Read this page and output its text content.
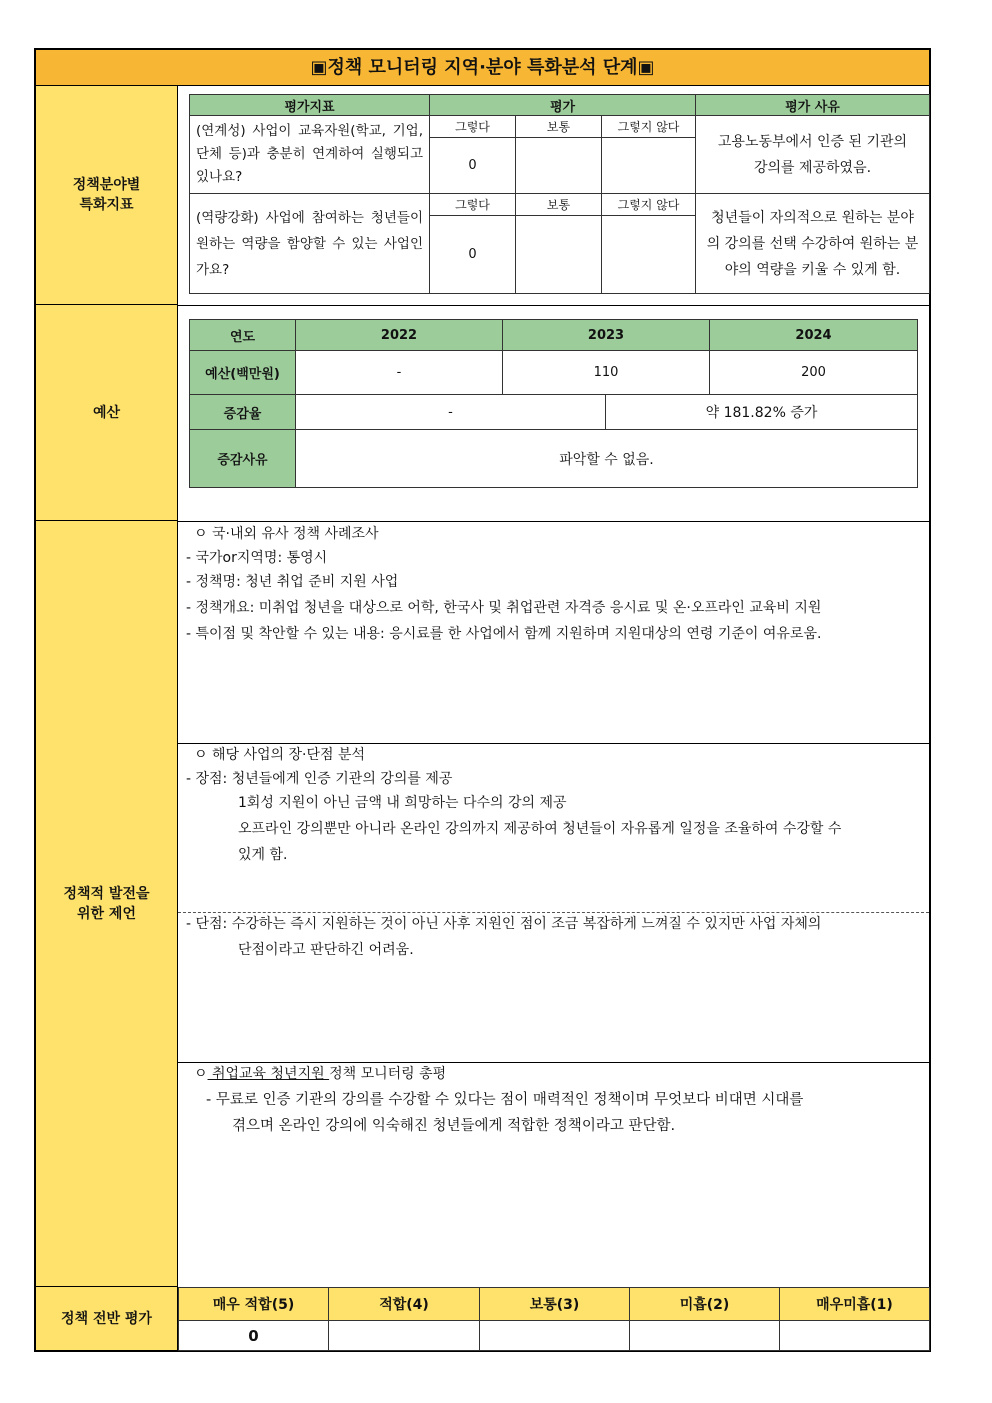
▣정책 모니터링 지역·분야 특화분석 단계▣
정책분야별
특화지표
평가지표	평가			평가 사유
(연계성) 사업이 교육자원(학교, 기업, 단체 등)과 충분히 연계하여 실행되고 있나요?	그렇다	보통	그렇지 않다	고용노동부에서 인증 된 기관의 강의를 제공하였음.
	0			
(역량강화) 사업에 참여하는 청년들이 원하는 역량을 함양할 수 있는 사업인가요?	그렇다	보통	그렇지 않다	청년들이 자의적으로 원하는 분야의 강의를 선택 수강하여 원하는 분야의 역량을 키울 수 있게 함.
	0			
예산
연도	2022	2023		2024
예산(백만원)	-	110		200
증감율	-		약 181.82% 증가	
증감사유	파악할 수 없음.			
정책적 발전을
위한 제언

ㅇ 국·내외 유사 정책 사례조사

- 국가or지역명: 통영시

- 정책명: 청년 취업 준비 지원 사업

- 정책개요: 미취업 청년을 대상으로 어학, 한국사 및 취업관련 자격증 응시료 및 온·오프라인 교육비 지원

- 특이점 및 착안할 수 있는 내용: 응시료를 한 사업에서 함께 지원하며 지원대상의 연령 기준이 여유로움.

ㅇ 해당 사업의 장·단점 분석

- 장점: 청년들에게 인증 기관의 강의를 제공

1회성 지원이 아닌 금액 내 희망하는 다수의 강의 제공

오프라인 강의뿐만 아니라 온라인 강의까지 제공하여 청년들이 자유롭게 일정을 조율하여 수강할 수

있게 함.

- 단점: 수강하는 즉시 지원하는 것이 아닌 사후 지원인 점이 조금 복잡하게 느껴질 수 있지만 사업 자체의

단점이라고 판단하긴 어려움.

ㅇ 취업교육 청년지원 정책 모니터링 총평

- 무료로 인증 기관의 강의를 수강할 수 있다는 점이 매력적인 정책이며 무엇보다 비대면 시대를

겪으며 온라인 강의에 익숙해진 청년들에게 적합한 정책이라고 판단함.

정책 전반 평가
매우 적합(5)	적합(4)	보통(3)	미흡(2)	매우미흡(1)
0				
